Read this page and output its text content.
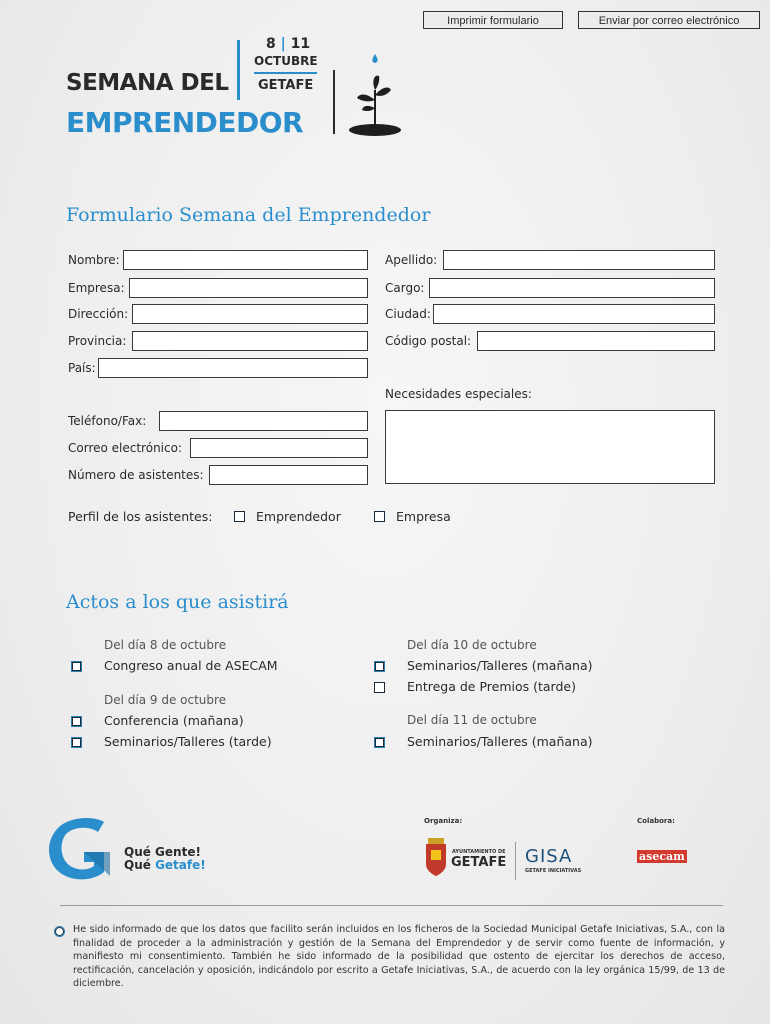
Imprimir formulario	Enviar por correo electrónico
SEMANA DEL
EMPRENDEDOR
8 | 11
OCTUBRE
GETAFE
Formulario Semana del Emprendedor
Nombre:
Empresa:
Dirección:
Provincia:
País:
Apellido:
Cargo:
Ciudad:
Código postal:
Necesidades especiales:
Teléfono/Fax:
Correo electrónico:
Número de asistentes:
Perfil de los asistentes:	Emprendedor	Empresa
Actos a los que asistirá
Del día 8 de octubre
Congreso anual de ASECAM
Del día 9 de octubre
Conferencia (mañana)
Seminarios/Talleres (tarde)
Del día 10 de octubre
Seminarios/Talleres (mañana)
Entrega de Premios (tarde)
Del día 11 de octubre
Seminarios/Talleres (mañana)
Qué Gente!
Qué Getafe!
Organiza:	Colabora:
AYUNTAMIENTO DE
GETAFE GISA
GETAFE INICIATIVAS
asecam
He sido informado de que los datos que facilito serán incluidos en los ficheros de la Sociedad Municipal Getafe Iniciativas, S.A., con la finalidad de proceder a la administración y gestión de la Semana del Emprendedor y de servir como fuente de información, y manifiesto mi consentimiento. También he sido informado de la posibilidad que ostento de ejercitar los derechos de acceso, rectificación, cancelación y oposición, indicándolo por escrito a Getafe Iniciativas, S.A., de acuerdo con la ley orgánica 15/99, de 13 de diciembre.
